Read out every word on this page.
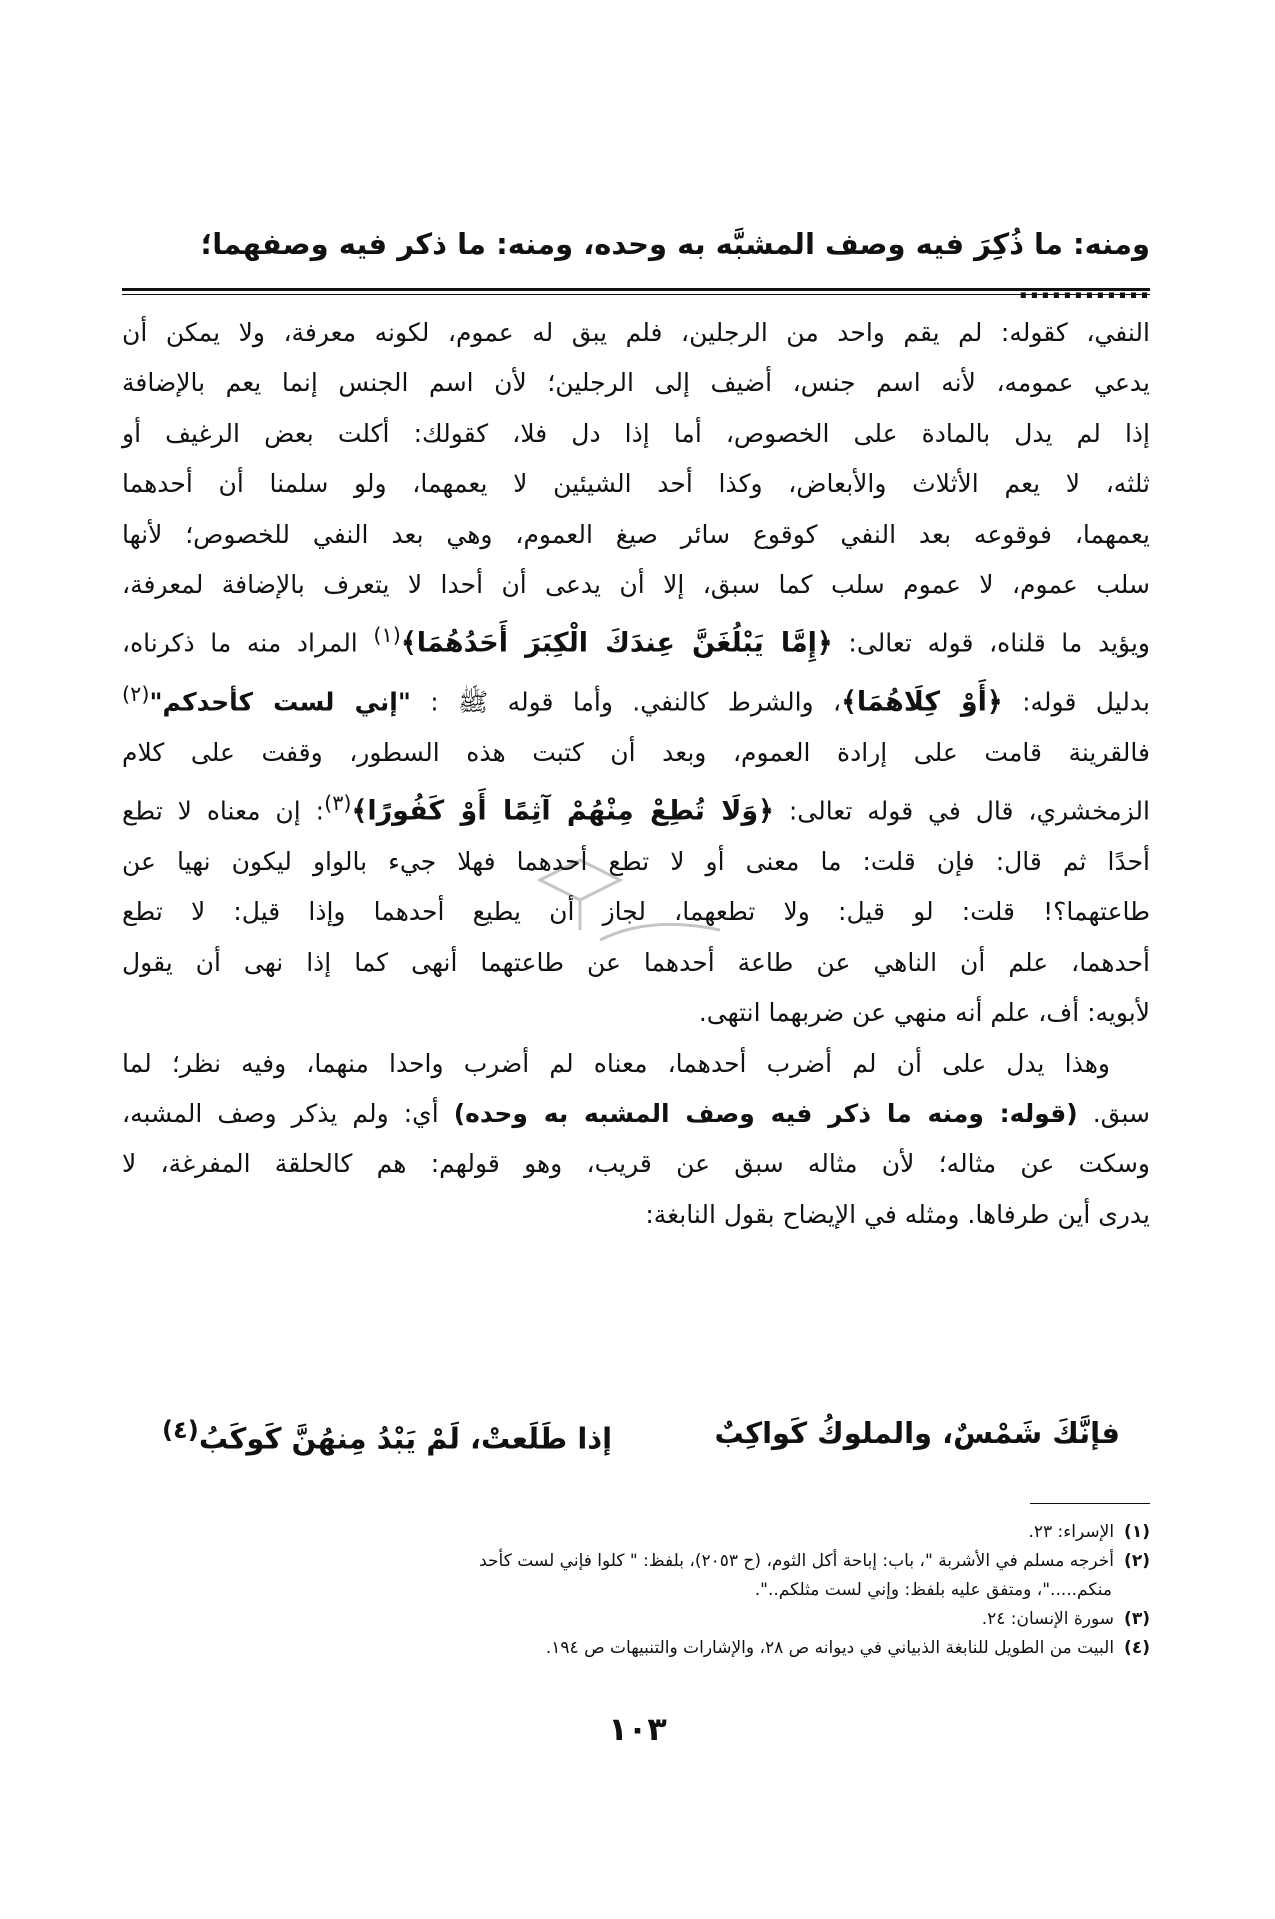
ومنه: ما ذُكِرَ فيه وصف المشبَّه به وحده، ومنه: ما ذكر فيه وصفهما؛ ............
النفي، كقوله: لم يقم واحد من الرجلين، فلم يبق له عموم، لكونه معرفة، ولا يمكن أن
يدعي عمومه، لأنه اسم جنس، أضيف إلى الرجلين؛ لأن اسم الجنس إنما يعم بالإضافة
إذا لم يدل بالمادة على الخصوص، أما إذا دل فلا، كقولك: أكلت بعض الرغيف أو
ثلثه، لا يعم الأثلاث والأبعاض، وكذا أحد الشيئين لا يعمهما، ولو سلمنا أن أحدهما
يعمهما، فوقوعه بعد النفي كوقوع سائر صيغ العموم، وهي بعد النفي للخصوص؛ لأنها
سلب عموم، لا عموم سلب كما سبق، إلا أن يدعى أن أحدا لا يتعرف بالإضافة لمعرفة،
ويؤيد ما قلناه، قوله تعالى: ﴿إِمَّا يَبْلُغَنَّ عِندَكَ الْكِبَرَ أَحَدُهُمَا﴾$^{(١)}$ المراد منه ما ذكرناه،
بدليل قوله: ﴿أَوْ كِلَاهُمَا﴾، والشرط كالنفي. وأما قوله ﷺ : "إني لست كأحدكم"$^{(٢)}$
فالقرينة قامت على إرادة العموم، وبعد أن كتبت هذه السطور، وقفت على كلام
الزمخشري، قال في قوله تعالى: ﴿وَلَا تُطِعْ مِنْهُمْ آثِمًا أَوْ كَفُورًا﴾$^{(٣)}$: إن معناه لا تطع
أحدًا ثم قال: فإن قلت: ما معنى أو لا تطع أحدهما فهلا جيء بالواو ليكون نهيا عن
طاعتهما؟! قلت: لو قيل: ولا تطعهما، لجاز أن يطيع أحدهما وإذا قيل: لا تطع
أحدهما، علم أن الناهي عن طاعة أحدهما عن طاعتهما أنهى كما إذا نهى أن يقول
لأبويه: أف، علم أنه منهي عن ضربهما انتهى.
وهذا يدل على أن لم أضرب أحدهما، معناه لم أضرب واحدا منهما، وفيه نظر؛ لما
سبق. (قوله: ومنه ما ذكر فيه وصف المشبه به وحده) أي: ولم يذكر وصف المشبه،
وسكت عن مثاله؛ لأن مثاله سبق عن قريب، وهو قولهم: هم كالحلقة المفرغة، لا
يدرى أين طرفاها. ومثله في الإيضاح بقول النابغة:
فإنَّكَ شَمْسٌ، والملوكُ كَواكِبٌ
إذا طَلَعتْ، لَمْ يَبْدُ مِنهُنَّ كَوكَبُ$^{(٤)}$
(١)الإسراء: ٢٣.
(٢)أخرجه مسلم في الأشربة "، باب: إباحة أكل الثوم، (ح ٢٠٥٣)، بلفظ: " كلوا فإني لست كأحد
منكم....."، ومتفق عليه بلفظ: وإني لست مثلكم..".
(٣)سورة الإنسان: ٢٤.
(٤)البيت من الطويل للنابغة الذبياني في ديوانه ص ٢٨، والإشارات والتنبيهات ص ١٩٤.
١٠٣
